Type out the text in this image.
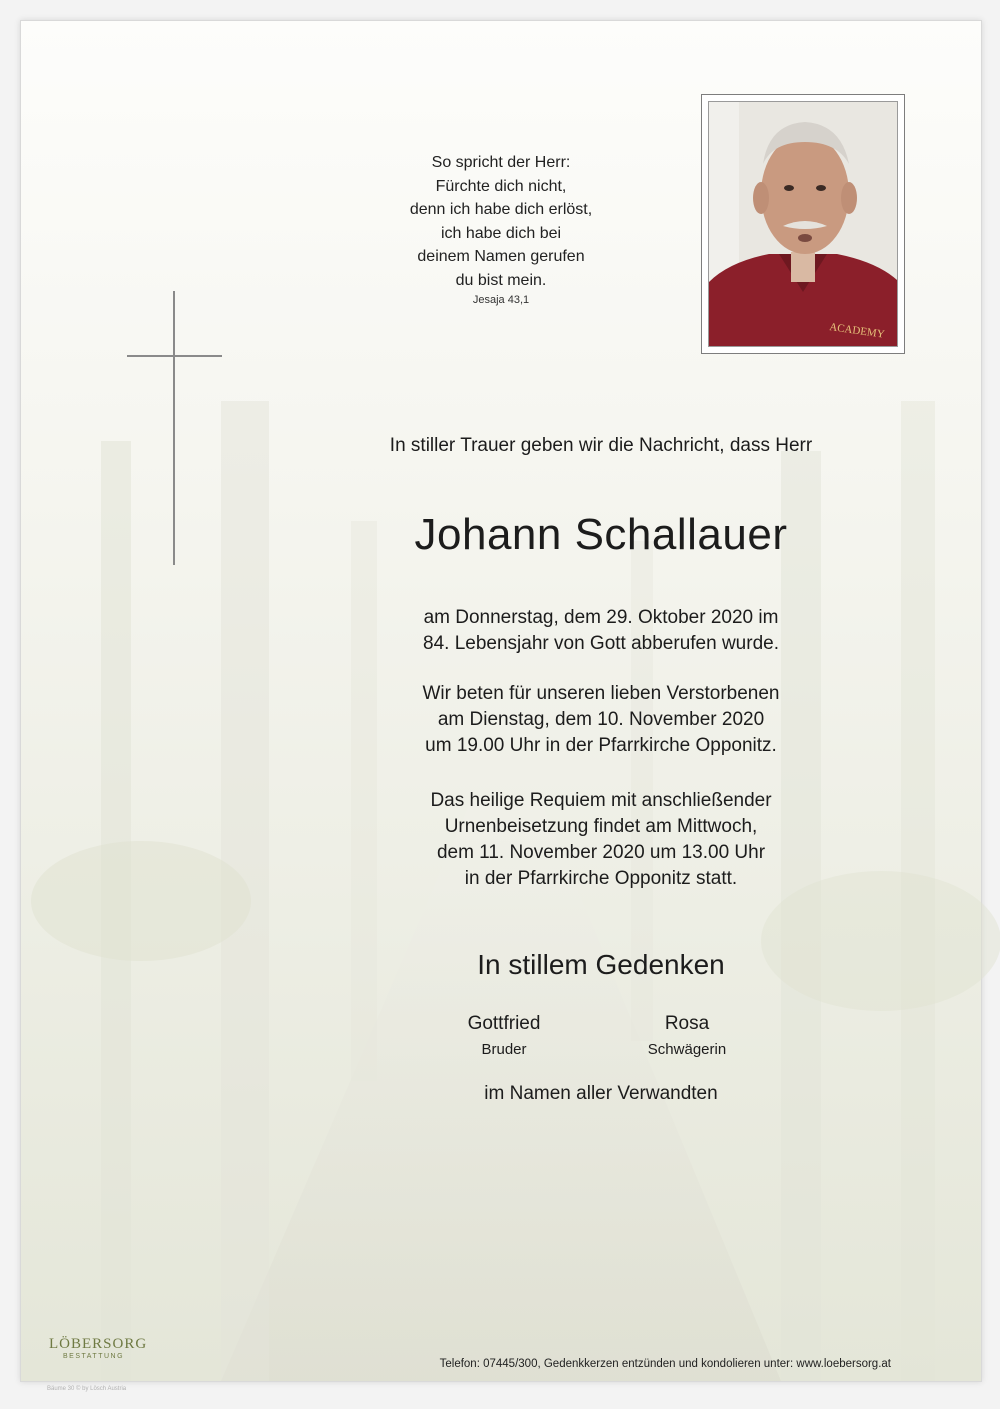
So spricht der Herr:
Fürchte dich nicht,
denn ich habe dich erlöst,
ich habe dich bei
deinem Namen gerufen
du bist mein.
Jesaja 43,1
ACADEMY
In stiller Trauer geben wir die Nachricht, dass Herr
Johann Schallauer
am Donnerstag, dem 29. Oktober 2020 im
84. Lebensjahr von Gott abberufen wurde.
Wir beten für unseren lieben Verstorbenen
am Dienstag, dem 10. November 2020
um 19.00 Uhr in der Pfarrkirche Opponitz.
Das heilige Requiem mit anschließender
Urnenbeisetzung findet am Mittwoch,
dem 11. November 2020 um 13.00 Uhr
in der Pfarrkirche Opponitz statt.
In stillem Gedenken
Gottfried
Bruder
Rosa
Schwägerin
im Namen aller Verwandten
LÖBERSORG
BESTATTUNG
Telefon: 07445/300, Gedenkkerzen entzünden und kondolieren unter: www.loebersorg.at
Bäume 30 © by Lösch Austria
